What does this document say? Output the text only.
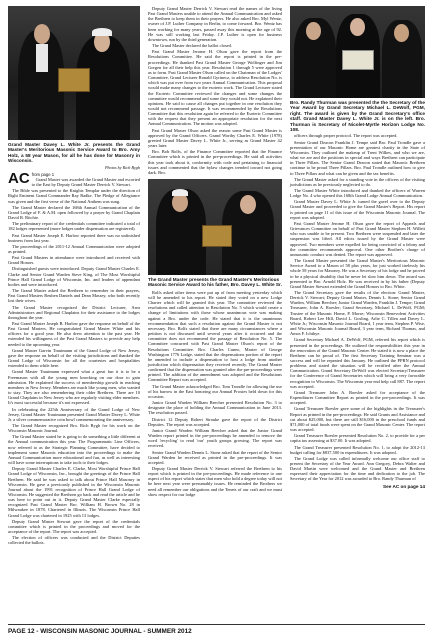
Grand Master Davey L. White Jr. presents the Grand Master's Meritorious Masonic Service Award to Bro. Amy Holz, a 58 year Mason, for all he has done for Masonry in Wisconsin.
Photos by Rich Bygh
AC from page 1

Grand Master was awarded the Grand Master and escorted to the East by Deputy Grand Master Derrick V. Stewart.

The Bible was presented to the Knights Templar under the direction of Right Eminent Grand Commander Ray Radke. The Pledge of Allegiance was given and the first verse of the National Anthem was sung.

The Grand Master declared the 168th Annual Communication of the Grand Lodge of F. & A.M. open followed by a prayer by Grand Chaplain David R. Ritchie.

The preliminary report of the credentials committee indicated a total of 182 lodges represented (more lodges under dispensation are registered).

Past Grand Master Joseph E. Harlow reported there was no unfinished business from last year.

The proceedings of the 2011-12 Annual Communication were adopted as printed.

Past Grand Masters in attendance were introduced and received with Grand Honors.

Distinguished guests were introduced. Deputy Grand Master Charles E. Clarke and Senior Grand Warden Steve King, of The Most Worshipful Prince Hall Grand Lodge of Wisconsin, Inc. and leaders of appendant bodies and were introduced.

The Grand Master asked the Brethren to remember in their prayers, Past Grand Masters Reuben Daniels and Dean Massey, who both recently lost their wives.

The Grand Master recognized the District Lecturer, Area Administrators and Regional Chaplains for their assistance to the lodges throughout the year.

Past Grand Master Joseph B. Harlow gave the response on behalf of the Past Grand Masters. He congratulated Grand Master White and his officers for a good year. He also drew attention to the past year. He extended his willingness of the Past Grand Masters to provide any help needed to the upcoming year.

Grand Master Garvin Trautmann of the Grand Lodge of New Jersey, gave the response on behalf of the visiting jurisdictions and thanked the Grand Lodge of Wisconsin for all the courtesies and hospitalities extended to them while here.

Grand Master Trautmann expressed what a great fun it is to be a Freemason with all the young men knocking on our door to gain admission. He explained the success of membership growth in reaching members in New Jersey. Members are much like young men, who wanted to stay. They are also remembering their older Brethren. There are 10 Grand Chaplains in New Jersey who are regularly visiting elder members. It's most successful because it's not expressed.

In celebrating the 225th Anniversary of the Grand Lodge of New Jersey, Grand Master Trautmann presented Grand Master Davey L. White Jr. a silver commemorative coin bowl commemorating the anniversary.

The Grand Master recognized Bro. Rich Bygh for his work on the Wisconsin Masonic Journal.

The Grand Master stated he is going to do something a little different at the Annual communication this year. The Programmatic Line Officers, now referred to as the Strategic Planning Committee, have decided to implement some Masonic education into the proceedings to make the Annual Communication more educational and fun, as well as interesting will have some interruptions to take tools to their lodges.

Deputy Grand Master Charles E. Clarke, Most Worshipful Prince Hall Grand Lodge of Wisconsin, Inc., brought the greetings of the Prince Hall Brethren. He said he was asked to talk about Prince Hall Masonry in Wisconsin. He gave a previously published in the Wisconsin Masonic Journal about the 1991 recognition of Prince Hall Grand Lodge of Wisconsin. He suggested the Brethren go back and read the article and he was here to point out in it. Deputy Grand Master Clarke especially recognized Past Grand Master Bro. William H. Brown No. 28 in Milwaukee in 1878, Chartered in Illinois. The Wisconsin Prince Hall Grand Lodge was chartered in 1925 with 13 lodges.

Deputy Grand Master Stewart gave the report of the credentials committee which is printed in the proceedings and moved for the acceptance of the report. The report was accepted.

The election of officers was conducted and the District Deputies collected the ballots.

Deputy Grand Master Derrick V. Stewart read the names of the living Past Grand Masters unable to attend the Annual Communication and asked the Brethren to keep them in their prayers. He also asked Bro. Myl Wentz, owner of J.P. Luther Company in Berlin, to come forward. Bro. Wentz has been working for many years, passed away this morning at the age of 92. He was still working last Friday. J.P. Luther is open for business downtown, run by the third generation.

The Grand Master declared the ballot closed.

Past Grand Master Jerome H. Olson gave the report from the Resolutions Committee. He said the report is printed in the pre-proceedings. He thanked Past Grand Master George Wolfinger and Jim Gorgen for all their help this year. Resolution 1 through 5 were approved as to form. Past Grand Master Olson called on the Chairman of the Lodges' Committee, Grand Lecturer Ronald Gyrinecz, to address Resolution No. is which was put over from two years Annual Communication. This proposal would make many changes to the esoteric work. The Grand Lecturer stated the Esoteric Committee reviewed the changes and some changes the committee would recommend and some they would not. He explained their opinions. He said to cause all changes put together in one resolution they would not recommend passage. It was recommended by the Resolutions Committee that this resolution again be referred to the Esoteric Committee with the request that they present an appropriate resolution for the next Annual Communication. The motion was adopted.

Past Grand Master Olson asked the reason some Past Grand Master is approved by the Grand Officers. Grand Worthy Charles E. White (1978) greeted Grand Master Davey L. White Jr., serving as Grand Master 42 years later.

Bro. Bob Rolfs, of the Finance Committee reported that the Finance Committee which is printed in the pre-proceedings. He said all activities this year took about it, conformity with code and pertaining to financial issues and commented that the bylaw changes trended toward not going dark. Bro.

The Grand Master presents the Grand Master's Meritorious Masonic Service Award to his father, Bro. Davey L. White Sr.

Rolfs asked other items were put up of from meeting yesterday which will be amended to his report. He stated they voted on a new Lodge Charter which will be granted this year. The committee reviewed the resolutions and called attention to Resolution No. 5 which would create a change of limitations with those whose unanimous vote was making against a Bro. under the code. He stated that it is the unanimous recommendation that such a resolution against the Grand Master is not necessary. Bro. Rolfs stated that there are many circumstances where a petition is not discussed until several years after it occurred and the committee does not recommend the passage of Resolution No. 5. The Committee concurred with Past Grand Master Olson's report of the Resolutions Committee. Bro. Charles Cuneo, Master of George Washington 1776 Lodge, stated that the dispensations portion of the report be amended to include a dispensation to host a lodge from another jurisdiction which dispensation they received recently. The Grand Master confirmed that the dispensation was granted after the pre-proceedings were printed. The addition of the amendment was adopted and the Resolutions Committee Report was accepted.

The Grand Master acknowledged Bro. Tom Trondle for allowing the use of his barrow in the East honoring our Annual Proxies held down for this occasion.

Junior Grand Warden William Beecher presented Resolution No. 3 to designate the place of holding the Annual Communication in June 2013. The resolution passed.

District 12 Deputy Robert Strauke gave the report of the District Deputies. The report was accepted.

Junior Grand Warden William Beecher asked that the Junior Grand Warden report printed in the pre-proceedings be amended to remove the word 'recycling' to read 'our' youth groups growing. The report was received.

Senior Grand Warden Dennis L. Stone asked that the report of the Senior Grand Warden be received as printed in the pre-proceedings. It was accepted.

Deputy Grand Master Derrick V. Stewart referred the Brethren to his report which is printed in the pre-proceedings. He made reference to one aspect of his report which states that men who hold a degree today will not be here next year were presumably issues. He reminded the Brothers we need all remember our obligations and the Tenets of our craft and we must show respect for our lodge

Bro. Randy Thurman was presented the the Secretary of the Year Award by Grand Secretary Michael L. DeWolf, PGM, right. The award is given by the Grand Secretary's office staff. Grand Master Davey L. White Jr. is on the left. Bro. Thurman is Secretary of Nicolet-Myrtle Horizon Lodge No. 108.

officers through proper protocol. The report was accepted.

Senior Grand Deacon Franklin J. Tempe said Bro. Paul Trondle gave a presentation of our Masonic Home are greatest charity in the State of Wisconsin. They outlined the makeup of Trent Wilkes, and who we are, what we are and the positions in special and ways Brethren can participate in Three Pillars. The Senior Grand Deacon stated that Masonic Brethren continue to be proud Three Pillars. Bro. Paul Trondle outlined how to give to Three Pillars and what can be given and the tax benefits.

The Grand Master asked for a standing vote in the officers of the visiting jurisdictions as he previously neglected to do.

The Grand Master White introduced and thanked the officers of Warren Lodge No. 4 who opened this 168th Grand Lodge Annual Communication.

Grand Master Davey L. White Jr. turned the gavel over to the Deputy Grand Master and proceeded to give the Grand Master's Report. His report is printed on page 11 of this issue of the Wisconsin Masonic Journal. The report was adopted.

Past Grand Master Jerome H. Olson gave the report of Appeals and Grievances Committee on behalf of Past Grand Master Stephen H. Willett who was unable to be present. Two Brethren were suspended and later the suspension was lifted. All edicts issued by the Grand Master were approved. Two members were expelled for being convicted of a felony and the committee recommends approval. One other Brother's charge of unmasonic conduct was denied. The report was approved.

The Grand Master presented the Grand Master's Meritorious Masonic Service Award to a Mason of 58 plus years, for just worked tirelessly his whole 58 years for Masonry. He was a Secretary of his lodge and he proved to be a physical disability that he never let slow him down. The award was presented to Bro. Arnold Holz. He was received in by his father (Deputy Grand Master Stewart extended the Grand Honors to Bro. White.

The Grand Secretary gave the results of the election: Grand Master, Derrick V. Stewart; Deputy Grand Master, Dennis L. Stone; Senior Grand Warden, William Beecher; Junior Grand Warden, Franklin J. Tempe; Grand Treasurer, John A. Roesler; Grand Secretary, Michael L. DeWolf, PGM; Trustee of the Masonic Home, P. Morse; Wisconsin Benevolent Activities Board, Robert Lee Hill, David L. Gosling, Arlie C. Tillen and Davey L. White Jr.; Wisconsin Masonic Journal Board, 1 year term, Stephen P. Wise, and Wisconsin Masonic Journal Board, 3 year term, Richard Thomas, and Amos F. Ichthye.

Grand Secretary Michael A. DeWolf, PGM, referred his report which is presented in the proceedings. He outlined the responsibilities this year in the renovation of the Grand Masonic Center. He stated it is now a place the Brethren can be proud of. The first Secretary Training Seminar was a success and will be repeated this January. He outlined the PPRN protocol problems and stated the situation will be rectified after the Annual Communication. Grand Secretary DeWolf was elected Secretary/Treasurer for the Conference of Grand Secretaries which will bring a very favorable recognition to Wisconsin. The Wisconsin year end help call 887. The report was accepted.

Grand Treasurer John A. Roesler asked for acceptance of the Expenditures Committee Report as printed in the pre-proceedings. It was accepted.

Grand Treasurer Roesler gave some of the highlights in the Treasurer's Report as printed in the pre-proceedings. He said Grants and Assistance and cut about $25,000, but there are still $16,000 in the preschool funds and $71,000 of total funds were spent on the Grand Masonic Center. The report was accepted.

Grand Treasurer Roesler presented Resolution No. 2, to provide for a per capita tax assessing at $37.00. It was adopted.

The Grand Treasurer presented Resolution No. 1, to adopt the 2012-13 budget calling for $837,500 in expenditures. It was adopted.

The Grand Lodge was called informally welcome our office staff to present the Secretary of the Year Award. Ann Gregory, Debra Walter and David Martin were welcomed and the Grand Master and Brethren expressed their appreciation for the time and dedication to the job. The Secretary of the Year for 2012 was awarded to Bro. Randy Thurman of

See AC on page 14
PAGE 12 - WISCONSIN MASONIC JOURNAL - SUMMER 2012
